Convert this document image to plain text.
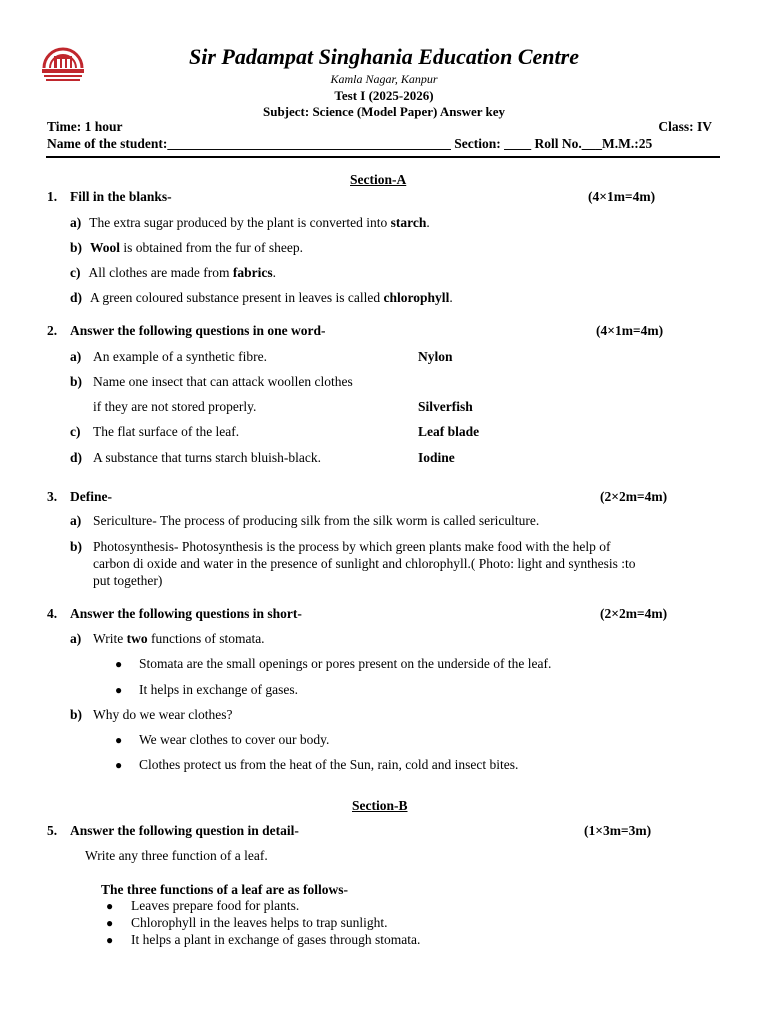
Sir Padampat Singhania Education Centre
Kamla Nagar, Kanpur
Test I (2025-2026)
Subject: Science (Model Paper) Answer key
Time: 1 hour	Class: IV
Name of the student:__________________________________________ Section: ____ Roll No.___M.M.:25
Section-A
1. Fill in the blanks-	(4×1m=4m)
a) The extra sugar produced by the plant is converted into starch.
b) Wool is obtained from the fur of sheep.
c) All clothes are made from fabrics.
d) A green coloured substance present in leaves is called chlorophyll.
2. Answer the following questions in one word-	(4×1m=4m)
a) An example of a synthetic fibre.	Nylon
b) Name one insect that can attack woollen clothes
if they are not stored properly.	Silverfish
c) The flat surface of the leaf.	Leaf blade
d) A substance that turns starch bluish-black.	Iodine
3. Define-	(2×2m=4m)
a) Sericulture- The process of producing silk from the silk worm is called sericulture.
b) Photosynthesis- Photosynthesis is the process by which green plants make food with the help of
carbon di oxide and water in the presence of sunlight and chlorophyll.( Photo: light and synthesis :to
put together)
4. Answer the following questions in short-	(2×2m=4m)
a) Write two functions of stomata.
● Stomata are the small openings or pores present on the underside of the leaf.
● It helps in exchange of gases.
b) Why do we wear clothes?
● We wear clothes to cover our body.
● Clothes protect us from the heat of the Sun, rain, cold and insect bites.
Section-B
5. Answer the following question in detail-	(1×3m=3m)
Write any three function of a leaf.
The three functions of a leaf are as follows-
● Leaves prepare food for plants.
● Chlorophyll in the leaves helps to trap sunlight.
● It helps a plant in exchange of gases through stomata.
